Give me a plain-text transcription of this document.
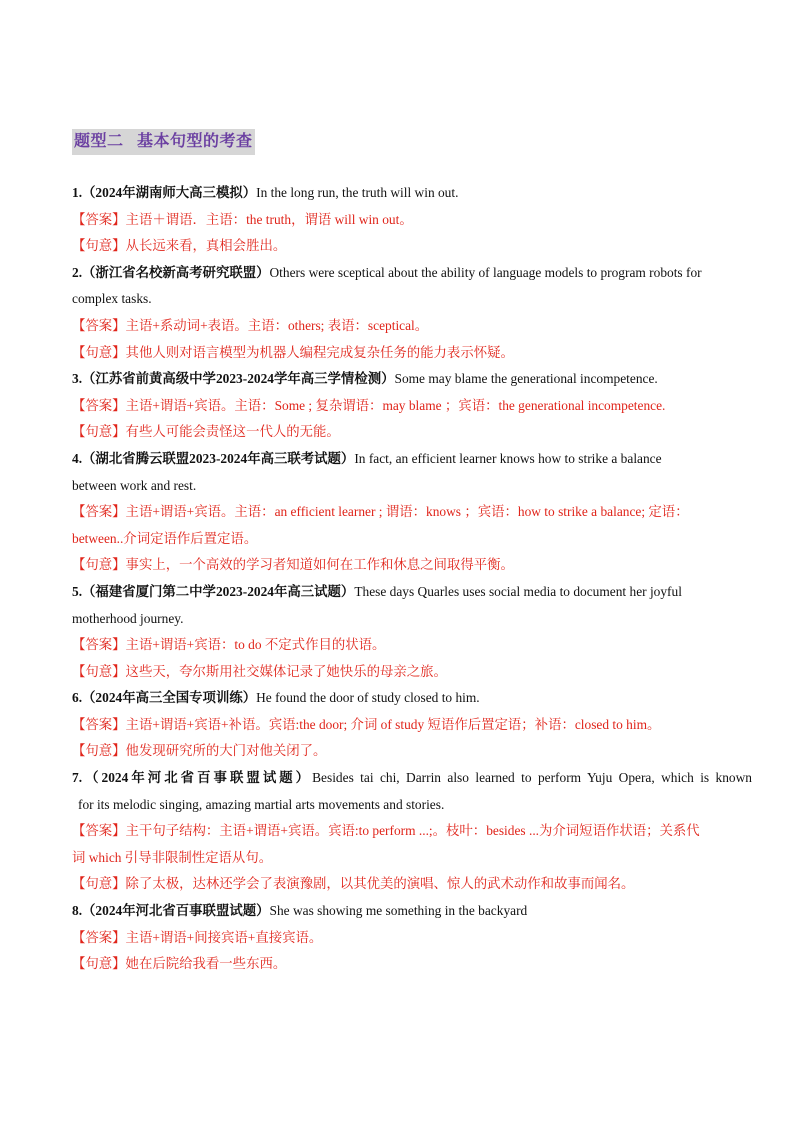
题型二   基本句型的考查
1.（2024年湖南师大高三模拟）In the long run, the truth will win out.
【答案】主语＋谓语．主语：the truth，谓语 will win out。
【句意】从长远来看，真相会胜出。
2.（浙江省名校新高考研究联盟）Others were sceptical about the ability of language models to program robots for
complex tasks.
【答案】主语+系动词+表语。主语：others; 表语：sceptical。
【句意】其他人则对语言模型为机器人编程完成复杂任务的能力表示怀疑。
3.（江苏省前黄高级中学2023-2024学年高三学情检测）Some may blame the generational incompetence.
【答案】主语+谓语+宾语。主语：Some ; 复杂谓语：may blame ；宾语：the generational incompetence.
【句意】有些人可能会责怪这一代人的无能。
4.（湖北省腾云联盟2023-2024年高三联考试题）In fact, an efficient learner knows how to strike a balance
between work and rest.
【答案】主语+谓语+宾语。主语：an efficient learner ; 谓语：knows ；宾语：how to strike a balance; 定语：
between..介词定语作后置定语。
【句意】事实上，一个高效的学习者知道如何在工作和休息之间取得平衡。
5.（福建省厦门第二中学2023-2024年高三试题）These days Quarles uses social media to document her joyful
motherhood journey.
【答案】主语+谓语+宾语：to do 不定式作目的状语。
【句意】这些天，夸尔斯用社交媒体记录了她快乐的母亲之旅。
6.（2024年高三全国专项训练）He found the door of study closed to him.
【答案】主语+谓语+宾语+补语。宾语:the door; 介词 of study 短语作后置定语；补语：closed to him。
【句意】他发现研究所的大门对他关闭了。
7.（2024年河北省百事联盟试题）Besides tai chi, Darrin also learned to perform Yuju Opera, which is known
for its melodic singing, amazing martial arts movements and stories.
【答案】主干句子结构：主语+谓语+宾语。宾语:to perform ...;。枝叶：besides ...为介词短语作状语；关系代
词 which 引导非限制性定语从句。
【句意】除了太极，达林还学会了表演豫剧，以其优美的演唱、惊人的武术动作和故事而闻名。
8.（2024年河北省百事联盟试题）She was showing me something in the backyard
【答案】主语+谓语+间接宾语+直接宾语。
【句意】她在后院给我看一些东西。
